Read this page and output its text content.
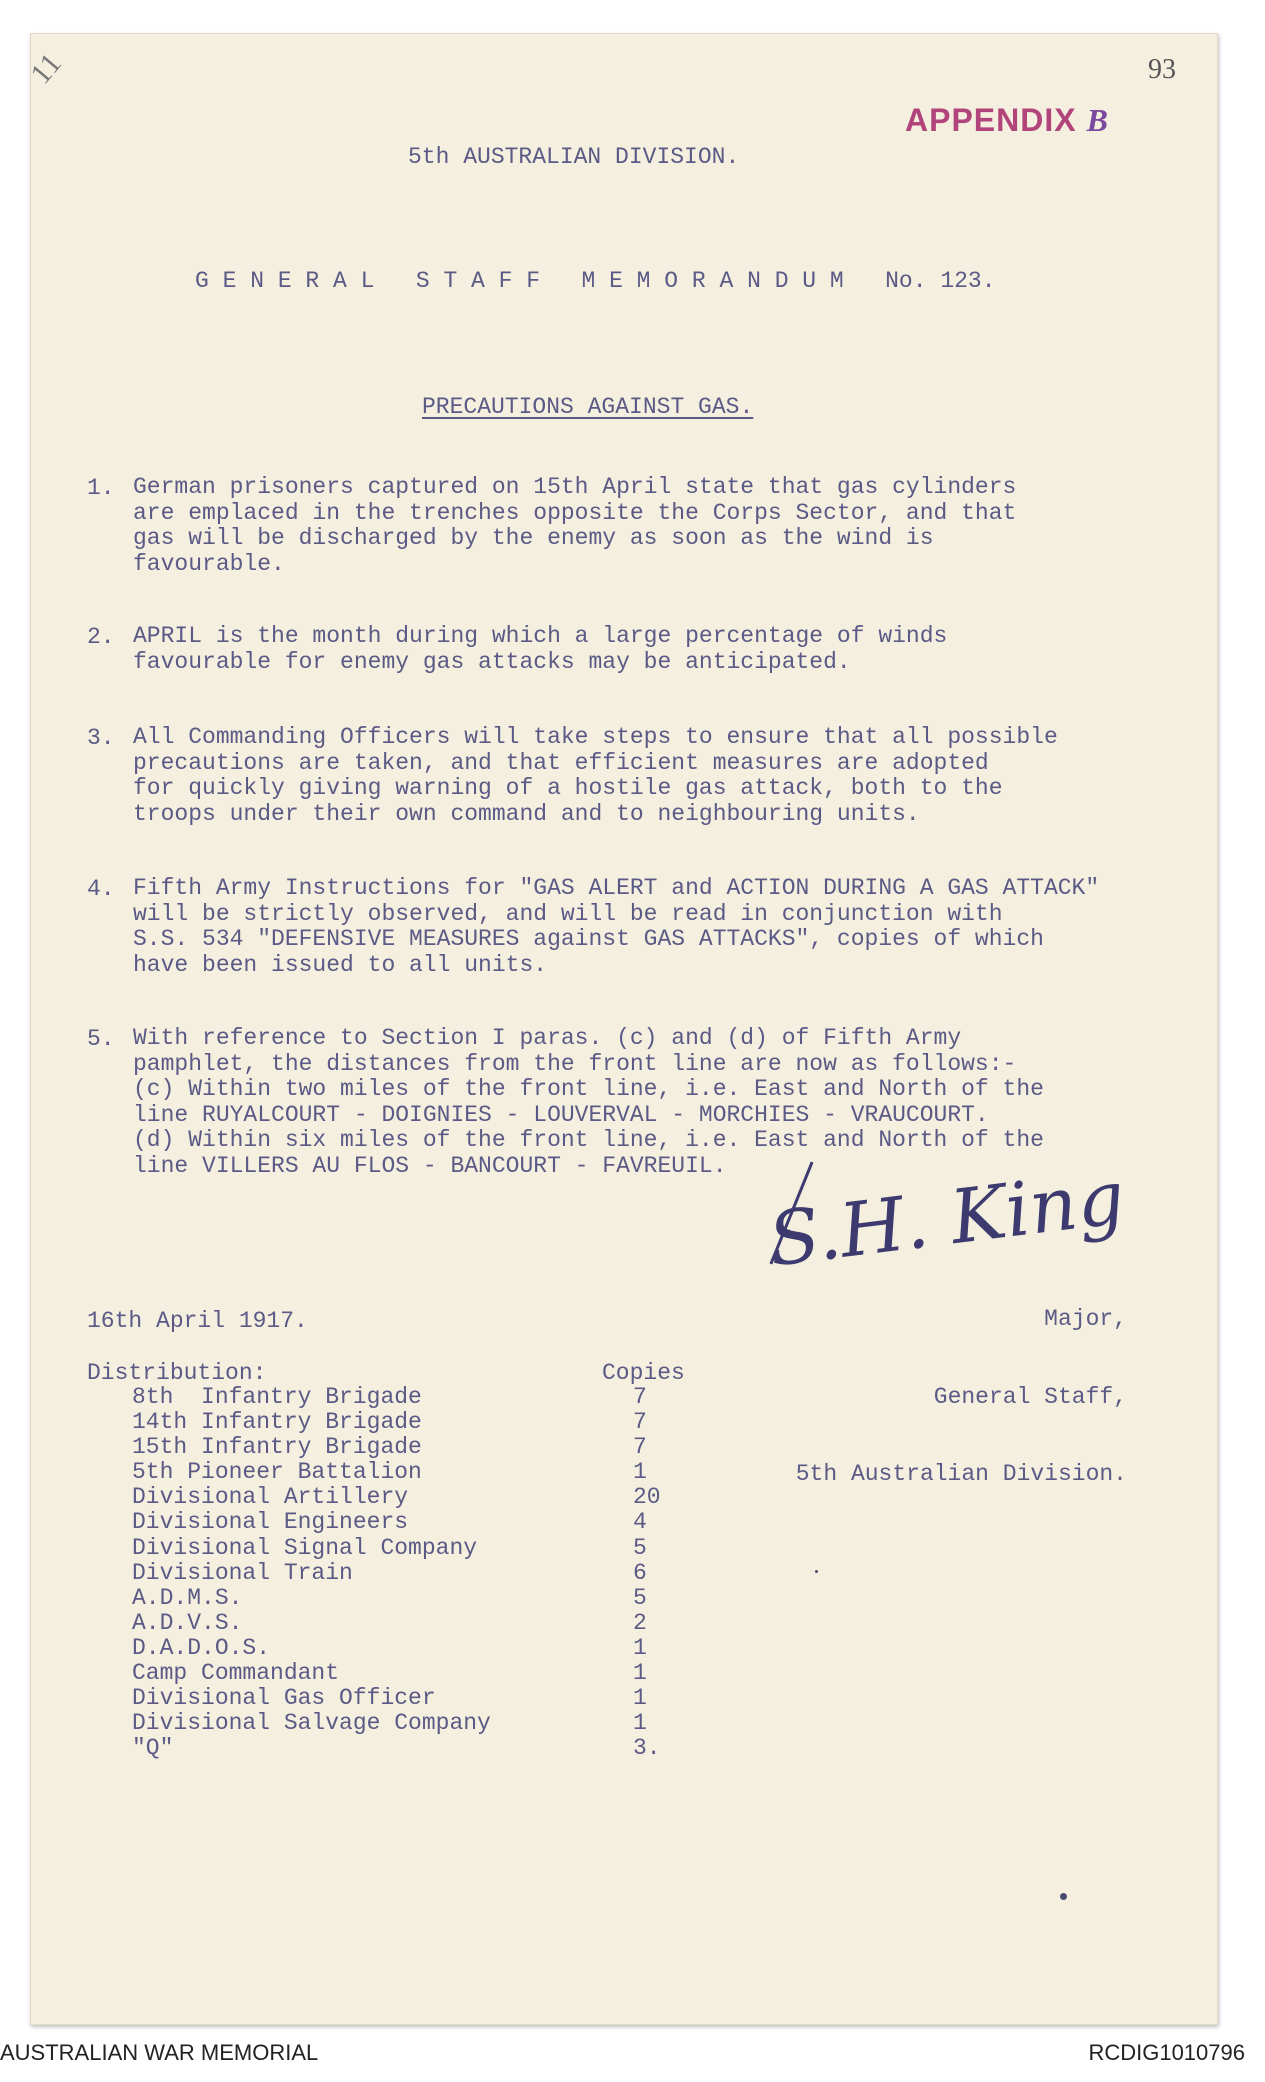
11	93
APPENDIX B
5th AUSTRALIAN DIVISION.
G E N E R A L   S T A F F   M E M O R A N D U M   No. 123.
PRECAUTIONS AGAINST GAS.
1. German prisoners captured on 15th April state that gas cylinders
are emplaced in the trenches opposite the Corps Sector, and that
gas will be discharged by the enemy as soon as the wind is
favourable.
2. APRIL is the month during which a large percentage of winds
favourable for enemy gas attacks may be anticipated.
3. All Commanding Officers will take steps to ensure that all possible
precautions are taken, and that efficient measures are adopted
for quickly giving warning of a hostile gas attack, both to the
troops under their own command and to neighbouring units.
4. Fifth Army Instructions for "GAS ALERT and ACTION DURING A GAS ATTACK"
will be strictly observed, and will be read in conjunction with
S.S. 534 "DEFENSIVE MEASURES against GAS ATTACKS", copies of which
have been issued to all units.
5. With reference to Section I paras. (c) and (d) of Fifth Army
pamphlet, the distances from the front line are now as follows:-
(c) Within two miles of the front line, i.e. East and North of the
line RUYALCOURT - DOIGNIES - LOUVERVAL - MORCHIES - VRAUCOURT.
(d) Within six miles of the front line, i.e. East and North of the
line VILLERS AU FLOS - BANCOURT - FAVREUIL. S.H. King

Major,

General Staff,

5th Australian Division.

16th April 1917.
Distribution:	Copies
8th  Infantry Brigade	7
14th Infantry Brigade	7
15th Infantry Brigade	7
5th Pioneer Battalion	1
Divisional Artillery	20
Divisional Engineers	4
Divisional Signal Company	5
Divisional Train	6
A.D.M.S.	5
A.D.V.S.	2
D.A.D.O.S.	1
Camp Commandant	1
Divisional Gas Officer	1
Divisional Salvage Company	1
"Q"	3.
AUSTRALIAN WAR MEMORIAL	RCDIG1010796
